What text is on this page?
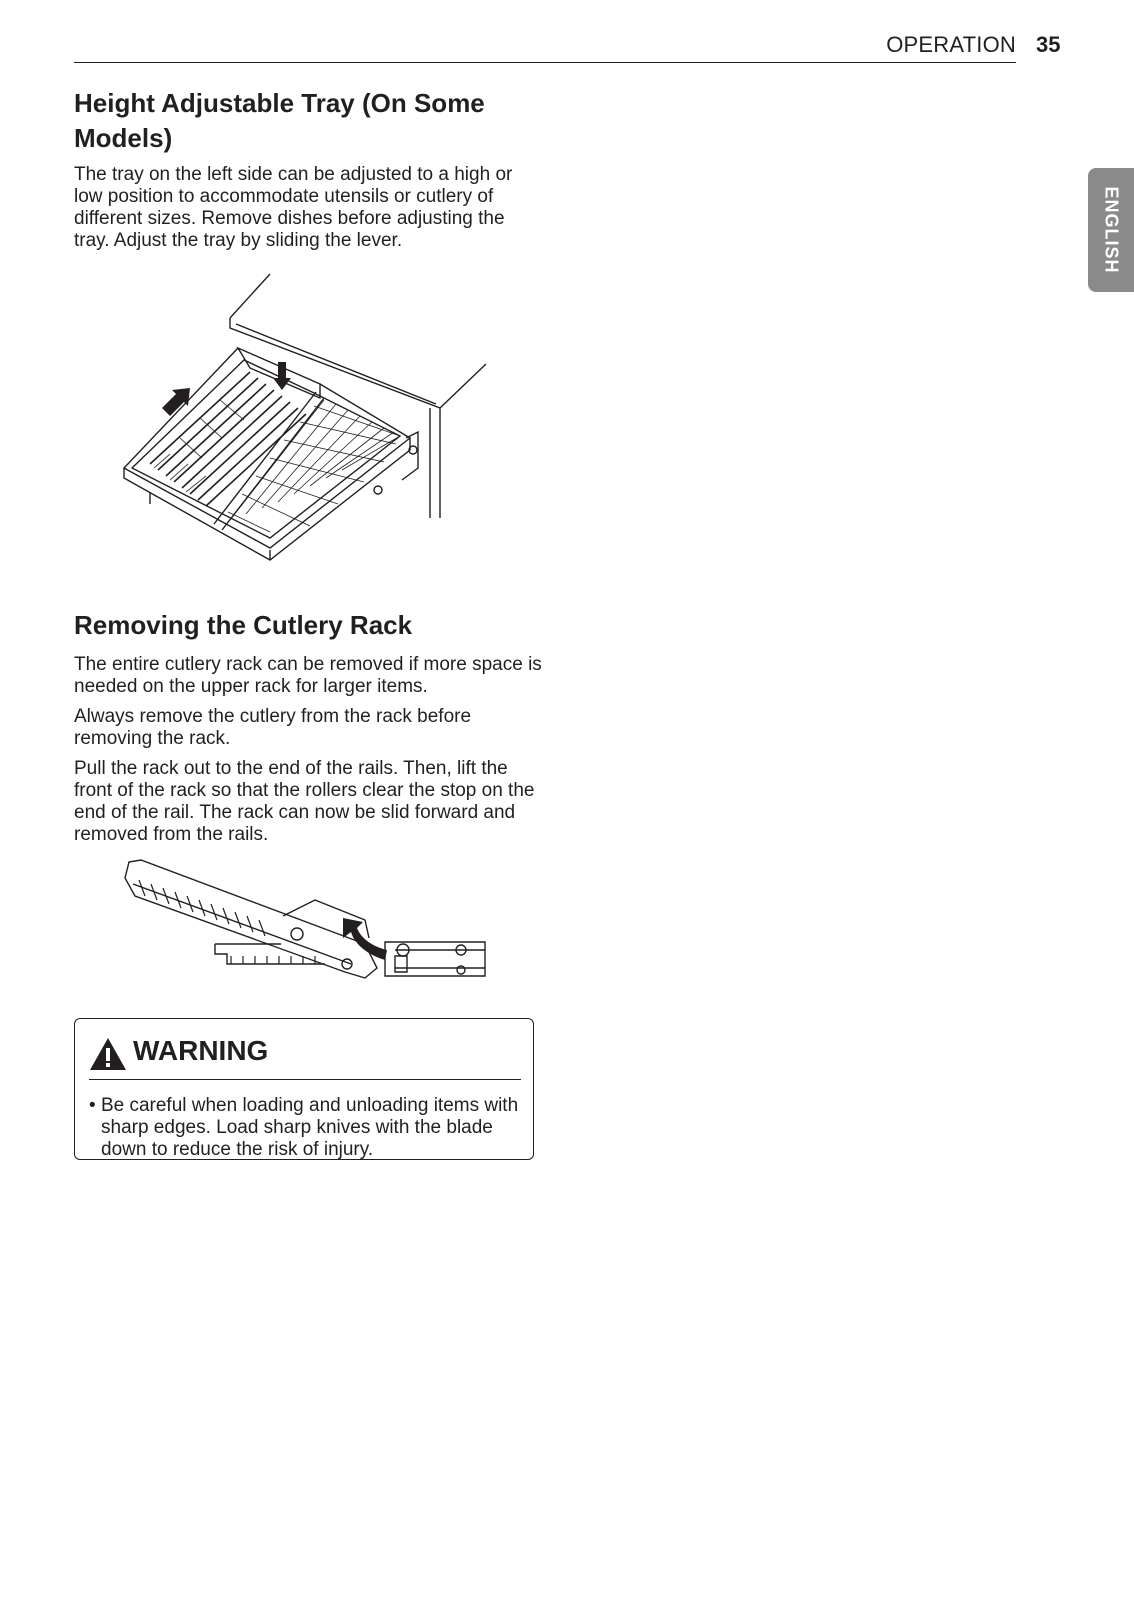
OPERATION 35
ENGLISH
Height Adjustable Tray (On Some Models)

The tray on the left side can be adjusted to a high or low position to accommodate utensils or cutlery of different sizes. Remove dishes before adjusting the tray. Adjust the tray by sliding the lever.

Removing the Cutlery Rack

The entire cutlery rack can be removed if more space is needed on the upper rack for larger items.

Always remove the cutlery from the rack before removing the rack.

Pull the rack out to the end of the rails. Then, lift the front of the rack so that the rollers clear the stop on the end of the rail. The rack can now be slid forward and removed from the rails.

WARNING
• Be careful when loading and unloading items with sharp edges. Load sharp knives with the blade down to reduce the risk of injury.
